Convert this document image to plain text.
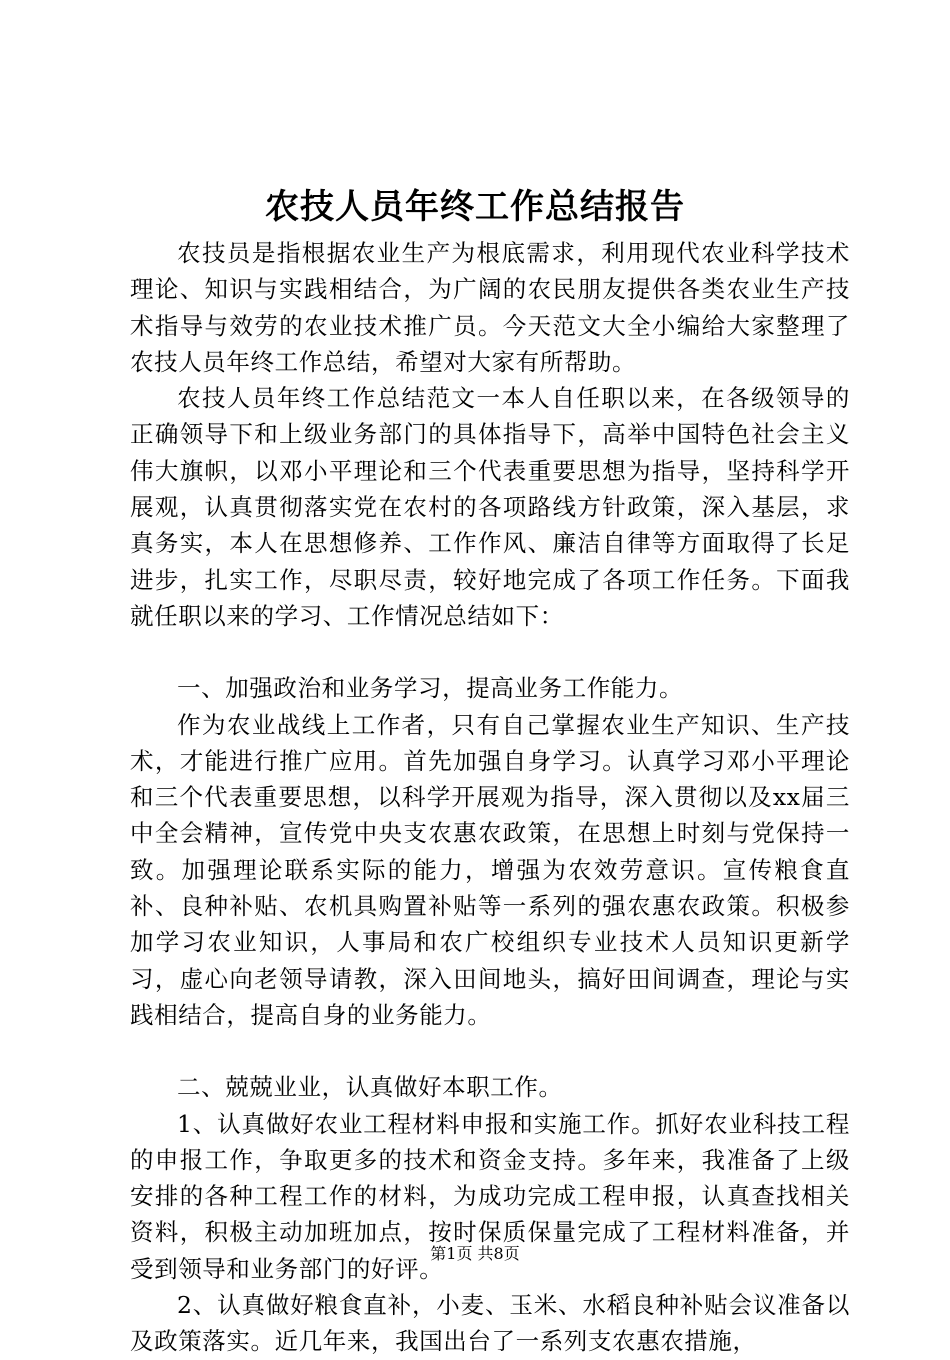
农技人员年终工作总结报告

农技员是指根据农业生产为根底需求，利用现代农业科学技术理论、知识与实践相结合，为广阔的农民朋友提供各类农业生产技术指导与效劳的农业技术推广员。今天范文大全小编给大家整理了农技人员年终工作总结，希望对大家有所帮助。

农技人员年终工作总结范文一本人自任职以来，在各级领导的正确领导下和上级业务部门的具体指导下，高举中国特色社会主义伟大旗帜，以邓小平理论和三个代表重要思想为指导，坚持科学开展观，认真贯彻落实党在农村的各项路线方针政策，深入基层，求真务实，本人在思想修养、工作作风、廉洁自律等方面取得了长足进步，扎实工作，尽职尽责，较好地完成了各项工作任务。下面我就任职以来的学习、工作情况总结如下：

一、加强政治和业务学习，提高业务工作能力。

作为农业战线上工作者，只有自己掌握农业生产知识、生产技术，才能进行推广应用。首先加强自身学习。认真学习邓小平理论和三个代表重要思想，以科学开展观为指导，深入贯彻以及xx届三中全会精神，宣传党中央支农惠农政策，在思想上时刻与党保持一致。加强理论联系实际的能力，增强为农效劳意识。宣传粮食直补、良种补贴、农机具购置补贴等一系列的强农惠农政策。积极参加学习农业知识，人事局和农广校组织专业技术人员知识更新学习，虚心向老领导请教，深入田间地头，搞好田间调查，理论与实践相结合，提高自身的业务能力。

二、兢兢业业，认真做好本职工作。

1、认真做好农业工程材料申报和实施工作。抓好农业科技工程的申报工作，争取更多的技术和资金支持。多年来，我准备了上级安排的各种工程工作的材料，为成功完成工程申报，认真查找相关资料，积极主动加班加点，按时保质保量完成了工程材料准备，并受到领导和业务部门的好评。

2、认真做好粮食直补，小麦、玉米、水稻良种补贴会议准备以及政策落实。近几年来，我国出台了一系列支农惠农措施，

第1页 共8页
